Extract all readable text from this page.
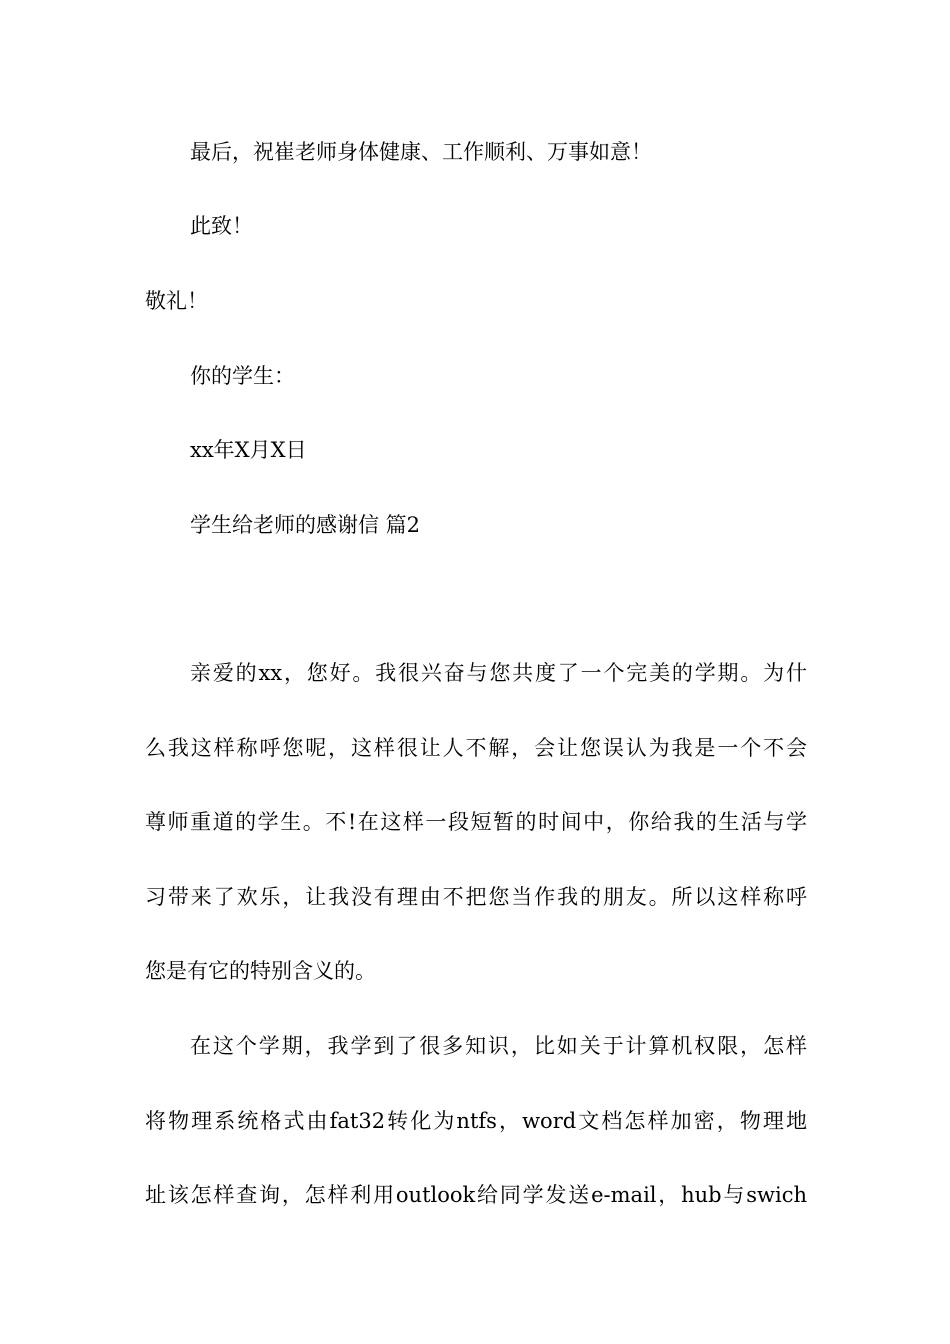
最后，祝崔老师身体健康、工作顺利、万事如意！
此致！
敬礼！
你的学生：
xx年X月X日
学生给老师的感谢信 篇2
亲爱的xx，您好。我很兴奋与您共度了一个完美的学期。为什
么我这样称呼您呢，这样很让人不解，会让您误认为我是一个不会
尊师重道的学生。不!在这样一段短暂的时间中，你给我的生活与学
习带来了欢乐，让我没有理由不把您当作我的朋友。所以这样称呼
您是有它的特别含义的。
在这个学期，我学到了很多知识，比如关于计算机权限，怎样
将物理系统格式由fat32转化为ntfs，word文档怎样加密，物理地
址该怎样查询，怎样利用outlook给同学发送e-mail，hub与swich
